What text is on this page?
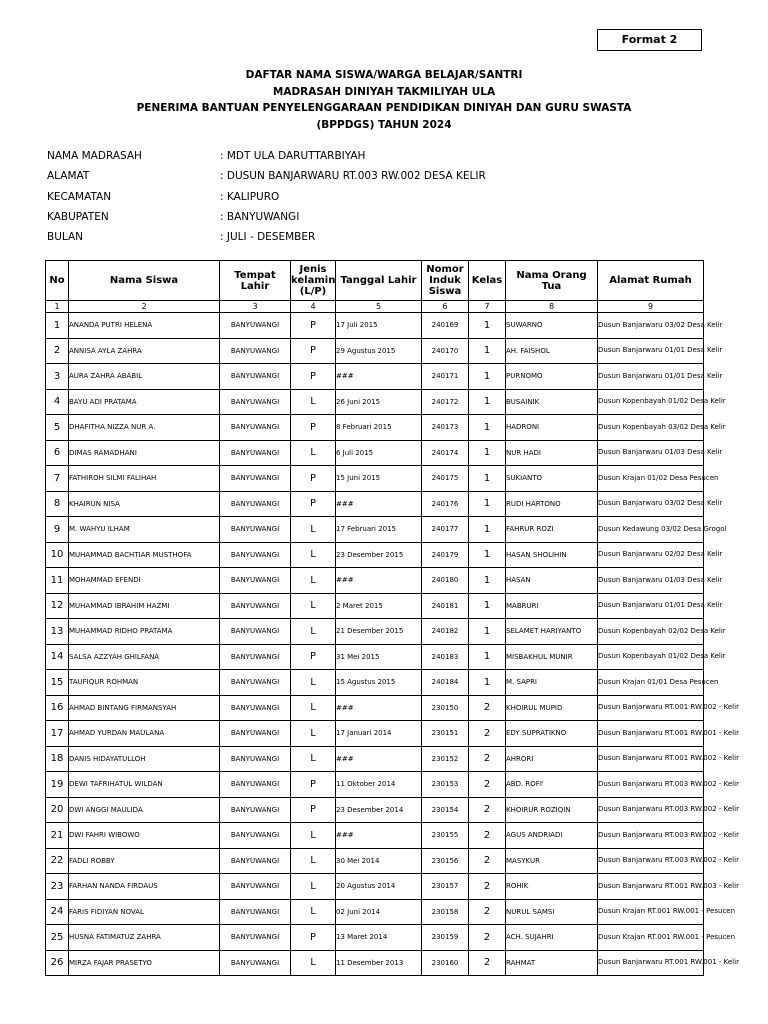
Format 2
DAFTAR NAMA SISWA/WARGA BELAJAR/SANTRI
MADRASAH DINIYAH TAKMILIYAH ULA
PENERIMA BANTUAN PENYELENGGARAAN PENDIDIKAN DINIYAH DAN GURU SWASTA
(BPPDGS) TAHUN 2024
NAMA MADRASAH	: MDT ULA DARUTTARBIYAH
ALAMAT	: DUSUN BANJARWARU RT.003 RW.002 DESA KELIR
KECAMATAN	: KALIPURO
KABUPATEN	: BANYUWANGI
BULAN	: JULI - DESEMBER
No	Nama Siswa	Tempat Lahir	Jenis kelamin (L/P)	Tanggal Lahir	Nomor Induk Siswa	Kelas	Nama Orang Tua	Alamat Rumah
1	2	3	4	5	6	7	8	9
1	ANANDA PUTRI HELENA	BANYUWANGI	P	17 Juli 2015	240169	1	SUWARNO	Dusun Banjarwaru 03/02 Desa Kelir
2	ANNISA AYLA ZAHRA	BANYUWANGI	P	29 Agustus 2015	240170	1	AH. FAISHOL	Dusun Banjarwaru 01/01 Desa Kelir
3	AURA ZAHRA ABABIL	BANYUWANGI	P	###	240171	1	PURNOMO	Dusun Banjarwaru 01/01 Desa Kelir
4	BAYU ADI PRATAMA	BANYUWANGI	L	26 Juni 2015	240172	1	BUSAINIK	Dusun Kopenbayah 01/02 Desa Kelir
5	DHAFITHA NIZZA NUR A.	BANYUWANGI	P	8 Februari 2015	240173	1	HADRONI	Dusun Kopenbayah 03/02 Desa Kelir
6	DIMAS RAMADHANI	BANYUWANGI	L	6 Juli 2015	240174	1	NUR HADI	Dusun Banjarwaru 01/03 Desa Kelir
7	FATHIROH SILMI FALIHAH	BANYUWANGI	P	15 Juni 2015	240175	1	SUKIANTO	Dusun Krajan 01/02 Desa Pesucen
8	KHAIRUN NISA	BANYUWANGI	P	###	240176	1	RUDI HARTONO	Dusun Banjarwaru 03/02 Desa Kelir
9	M. WAHYU ILHAM	BANYUWANGI	L	17 Februari 2015	240177	1	FAHRUR ROZI	Dusun Kedawung 03/02 Desa Grogol
10	MUHAMMAD BACHTIAR MUSTHOFA	BANYUWANGI	L	23 Desember 2015	240179	1	HASAN SHOLIHIN	Dusun Banjarwaru 02/02 Desa Kelir
11	MOHAMMAD EFENDI	BANYUWANGI	L	###	240180	1	HASAN	Dusun Banjarwaru 01/03 Desa Kelir
12	MUHAMMAD IBRAHIM HAZMI	BANYUWANGI	L	2 Maret 2015	240181	1	MABRURI	Dusun Banjarwaru 01/01 Desa Kelir
13	MUHAMMAD RIDHO PRATAMA	BANYUWANGI	L	21 Desember 2015	240182	1	SELAMET HARIYANTO	Dusun Kopenbayah 02/02 Desa Kelir
14	SALSA AZZYAH GHILFANA	BANYUWANGI	P	31 Mei 2015	240183	1	MISBAKHUL MUNIR	Dusun Kopenbayah 01/02 Desa Kelir
15	TAUFIQUR ROHMAN	BANYUWANGI	L	15 Agustus 2015	240184	1	M. SAPRI	Dusun Krajan 01/01 Desa Pesucen
16	AHMAD BINTANG FIRMANSYAH	BANYUWANGI	L	###	230150	2	KHOIRUL MUPID	Dusun Banjarwaru RT.001 RW.002 - Kelir
17	AHMAD YURDAN MAULANA	BANYUWANGI	L	17 Januari 2014	230151	2	EDY SUPRATIKNO	Dusun Banjarwaru RT.001 RW.001 - Kelir
18	DANIS HIDAYATULLOH	BANYUWANGI	L	###	230152	2	AHRORI	Dusun Banjarwaru RT.001 RW.002 - Kelir
19	DEWI TAFRIHATUL WILDAN	BANYUWANGI	P	11 Oktober 2014	230153	2	ABD. ROFI'	Dusun Banjarwaru RT.003 RW.002 - Kelir
20	DWI ANGGI MAULIDA	BANYUWANGI	P	23 Desember 2014	230154	2	KHOIRUR ROZIQIN	Dusun Banjarwaru RT.003 RW.002 - Kelir
21	DWI FAHRI WIBOWO	BANYUWANGI	L	###	230155	2	AGUS ANDRIADI	Dusun Banjarwaru RT.003 RW.002 - Kelir
22	FADLI ROBBY	BANYUWANGI	L	30 Mei 2014	230156	2	MASYKUR	Dusun Banjarwaru RT.003 RW.002 - Kelir
23	FARHAN NANDA FIRDAUS	BANYUWANGI	L	20 Agustus 2014	230157	2	ROHIK	Dusun Banjarwaru RT.001 RW.003 - Kelir
24	FARIS FIDIYAN NOVAL	BANYUWANGI	L	02 Juni 2014	230158	2	NURUL SAMSI	Dusun Krajan RT.001 RW.001 - Pesucen
25	HUSNA FATIMATUZ ZAHRA	BANYUWANGI	P	13 Maret 2014	230159	2	ACH. SUJAHRI	Dusun Krajan RT.001 RW.001 - Pesucen
26	MIRZA FAJAR PRASETYO	BANYUWANGI	L	11 Desember 2013	230160	2	RAHMAT	Dusun Banjarwaru RT.001 RW.001 - Kelir
